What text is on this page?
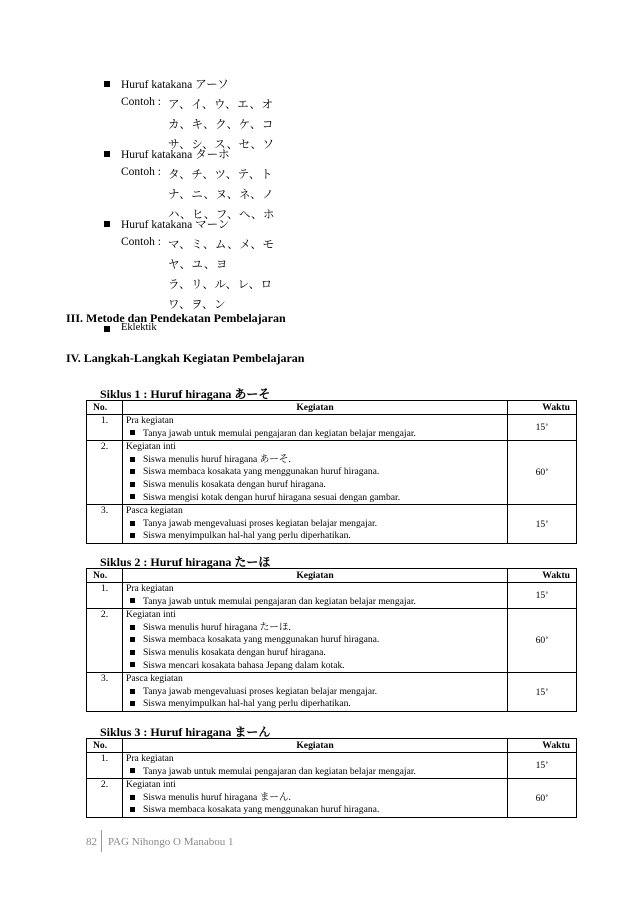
Huruf katakana アーソ
Contoh : ア、イ、ウ、エ、オ
カ、キ、ク、ケ、コ
サ、シ、ス、セ、ソ
Huruf katakana ターホ
Contoh : タ、チ、ツ、テ、ト
ナ、ニ、ヌ、ネ、ノ
ハ、ヒ、フ、へ、ホ
Huruf katakana マーン
Contoh : マ、ミ、ム、メ、モ
ヤ、ユ、ヨ
ラ、リ、ル、レ、ロ
ワ、ヲ、ン
III. Metode dan Pendekatan Pembelajaran
Eklektik
IV. Langkah-Langkah Kegiatan Pembelajaran
Siklus 1 : Huruf hiragana あーそ
No.	Kegiatan	Waktu
1.	Pra kegiatan
Tanya jawab untuk memulai pengajaran dan kegiatan belajar mengajar.	15’
2.	Kegiatan inti
Siswa menulis huruf hiragana あーそ.
Siswa membaca kosakata yang menggunakan huruf hiragana.
Siswa menulis kosakata dengan huruf hiragana.
Siswa mengisi kotak dengan huruf hiragana sesuai dengan gambar.	60’
3.	Pasca kegiatan
Tanya jawab mengevaluasi proses kegiatan belajar mengajar.
Siswa menyimpulkan hal-hal yang perlu diperhatikan.	15’
Siklus 2 : Huruf hiragana たーほ
No.	Kegiatan	Waktu
1.	Pra kegiatan
Tanya jawab untuk memulai pengajaran dan kegiatan belajar mengajar.	15’
2.	Kegiatan inti
Siswa menulis huruf hiragana たーほ.
Siswa membaca kosakata yang menggunakan huruf hiragana.
Siswa menulis kosakata dengan huruf hiragana.
Siswa mencari kosakata bahasa Jepang dalam kotak.	60’
3.	Pasca kegiatan
Tanya jawab mengevaluasi proses kegiatan belajar mengajar.
Siswa menyimpulkan hal-hal yang perlu diperhatikan.	15’
Siklus 3 : Huruf hiragana まーん
No.	Kegiatan	Waktu
1.	Pra kegiatan
Tanya jawab untuk memulai pengajaran dan kegiatan belajar mengajar.	15’
2.	Kegiatan inti
Siswa menulis huruf hiragana まーん.
Siswa membaca kosakata yang menggunakan huruf hiragana.	60’
82 PAG Nihongo O Manabou 1
